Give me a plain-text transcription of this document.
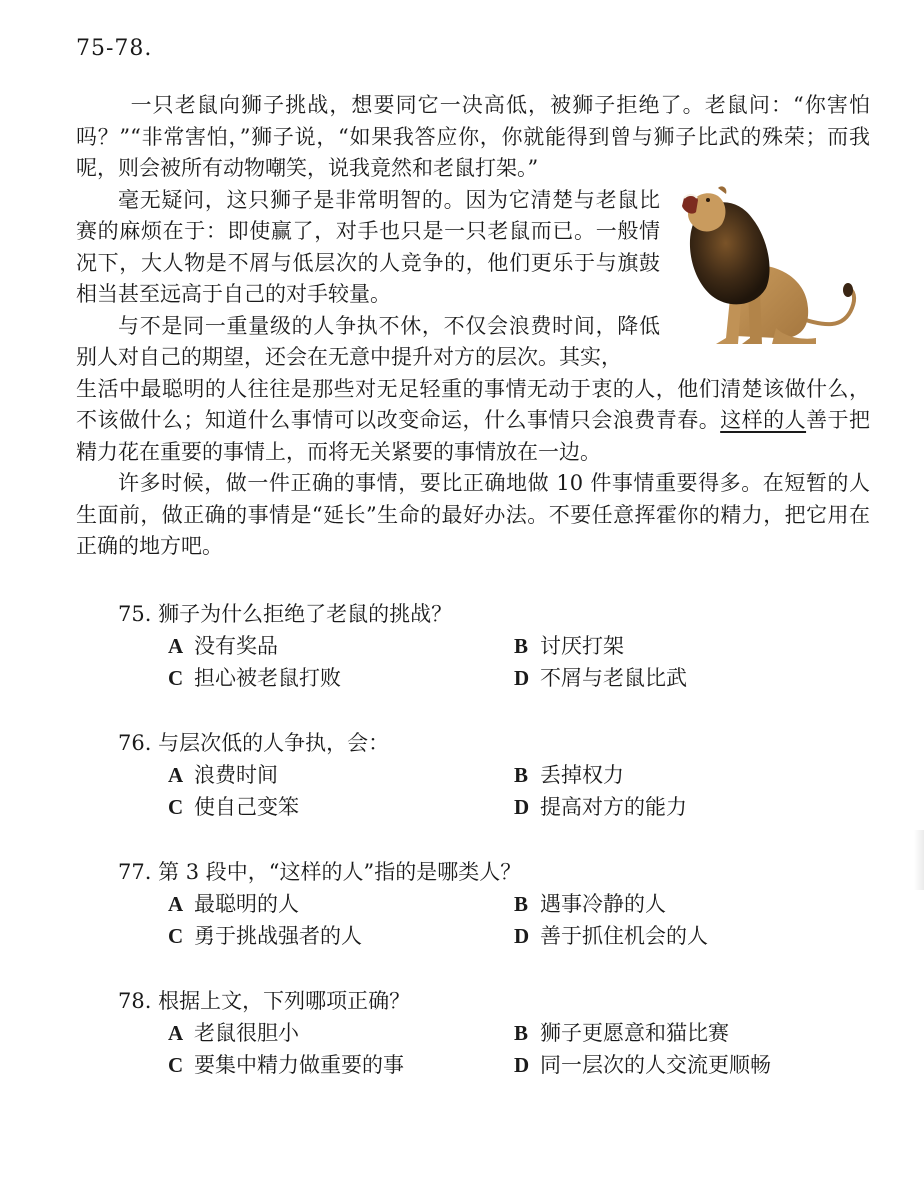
75-78.

一只老鼠向狮子挑战，想要同它一决高低，被狮子拒绝了。老鼠问：“你害怕吗？”“非常害怕，”狮子说，“如果我答应你，你就能得到曾与狮子比武的殊荣；而我呢，则会被所有动物嘲笑，说我竟然和老鼠打架。”

毫无疑问，这只狮子是非常明智的。因为它清楚与老鼠比赛的麻烦在于：即使赢了，对手也只是一只老鼠而已。一般情况下，大人物是不屑与低层次的人竞争的，他们更乐于与旗鼓相当甚至远高于自己的对手较量。

与不是同一重量级的人争执不休，不仅会浪费时间，降低别人对自己的期望，还会在无意中提升对方的层次。其实，

生活中最聪明的人往往是那些对无足轻重的事情无动于衷的人，他们清楚该做什么，不该做什么；知道什么事情可以改变命运，什么事情只会浪费青春。这样的人善于把精力花在重要的事情上，而将无关紧要的事情放在一边。

许多时候，做一件正确的事情，要比正确地做 10 件事情重要得多。在短暂的人生面前，做正确的事情是“延长”生命的最好办法。不要任意挥霍你的精力，把它用在正确的地方吧。

75. 狮子为什么拒绝了老鼠的挑战？
A 没有奖品	B 讨厌打架
C 担心被老鼠打败	D 不屑与老鼠比武
76. 与层次低的人争执，会：
A 浪费时间	B 丢掉权力
C 使自己变笨	D 提高对方的能力
77. 第 3 段中，“这样的人”指的是哪类人？
A 最聪明的人	B 遇事冷静的人
C 勇于挑战强者的人	D 善于抓住机会的人
78. 根据上文，下列哪项正确？
A 老鼠很胆小	B 狮子更愿意和猫比赛
C 要集中精力做重要的事	D 同一层次的人交流更顺畅
